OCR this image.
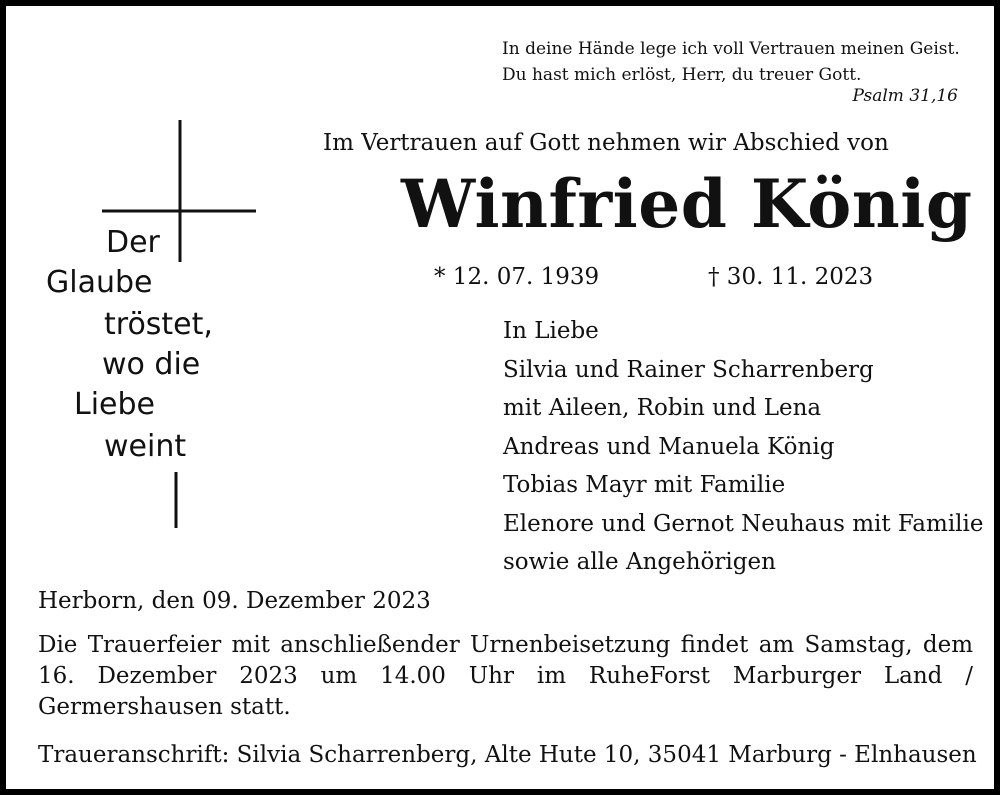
In deine Hände lege ich voll Vertrauen meinen Geist.
Du hast mich erlöst, Herr, du treuer Gott.
Psalm 31,16
Der
Glaube
tröstet,
wo die
Liebe
weint
Im Vertrauen auf Gott nehmen wir Abschied von
Winfried König
* 12. 07. 1939	† 30. 11. 2023
In Liebe
Silvia und Rainer Scharrenberg
mit Aileen, Robin und Lena
Andreas und Manuela König
Tobias Mayr mit Familie
Elenore und Gernot Neuhaus mit Familie
sowie alle Angehörigen
Herborn, den 09. Dezember 2023
Die Trauerfeier mit anschließender Urnenbeisetzung findet am Samstag, dem 16. Dezember 2023 um 14.00 Uhr im RuheForst Marburger Land / Germershausen statt.
Traueranschrift: Silvia Scharrenberg, Alte Hute 10, 35041 Marburg - Elnhausen
